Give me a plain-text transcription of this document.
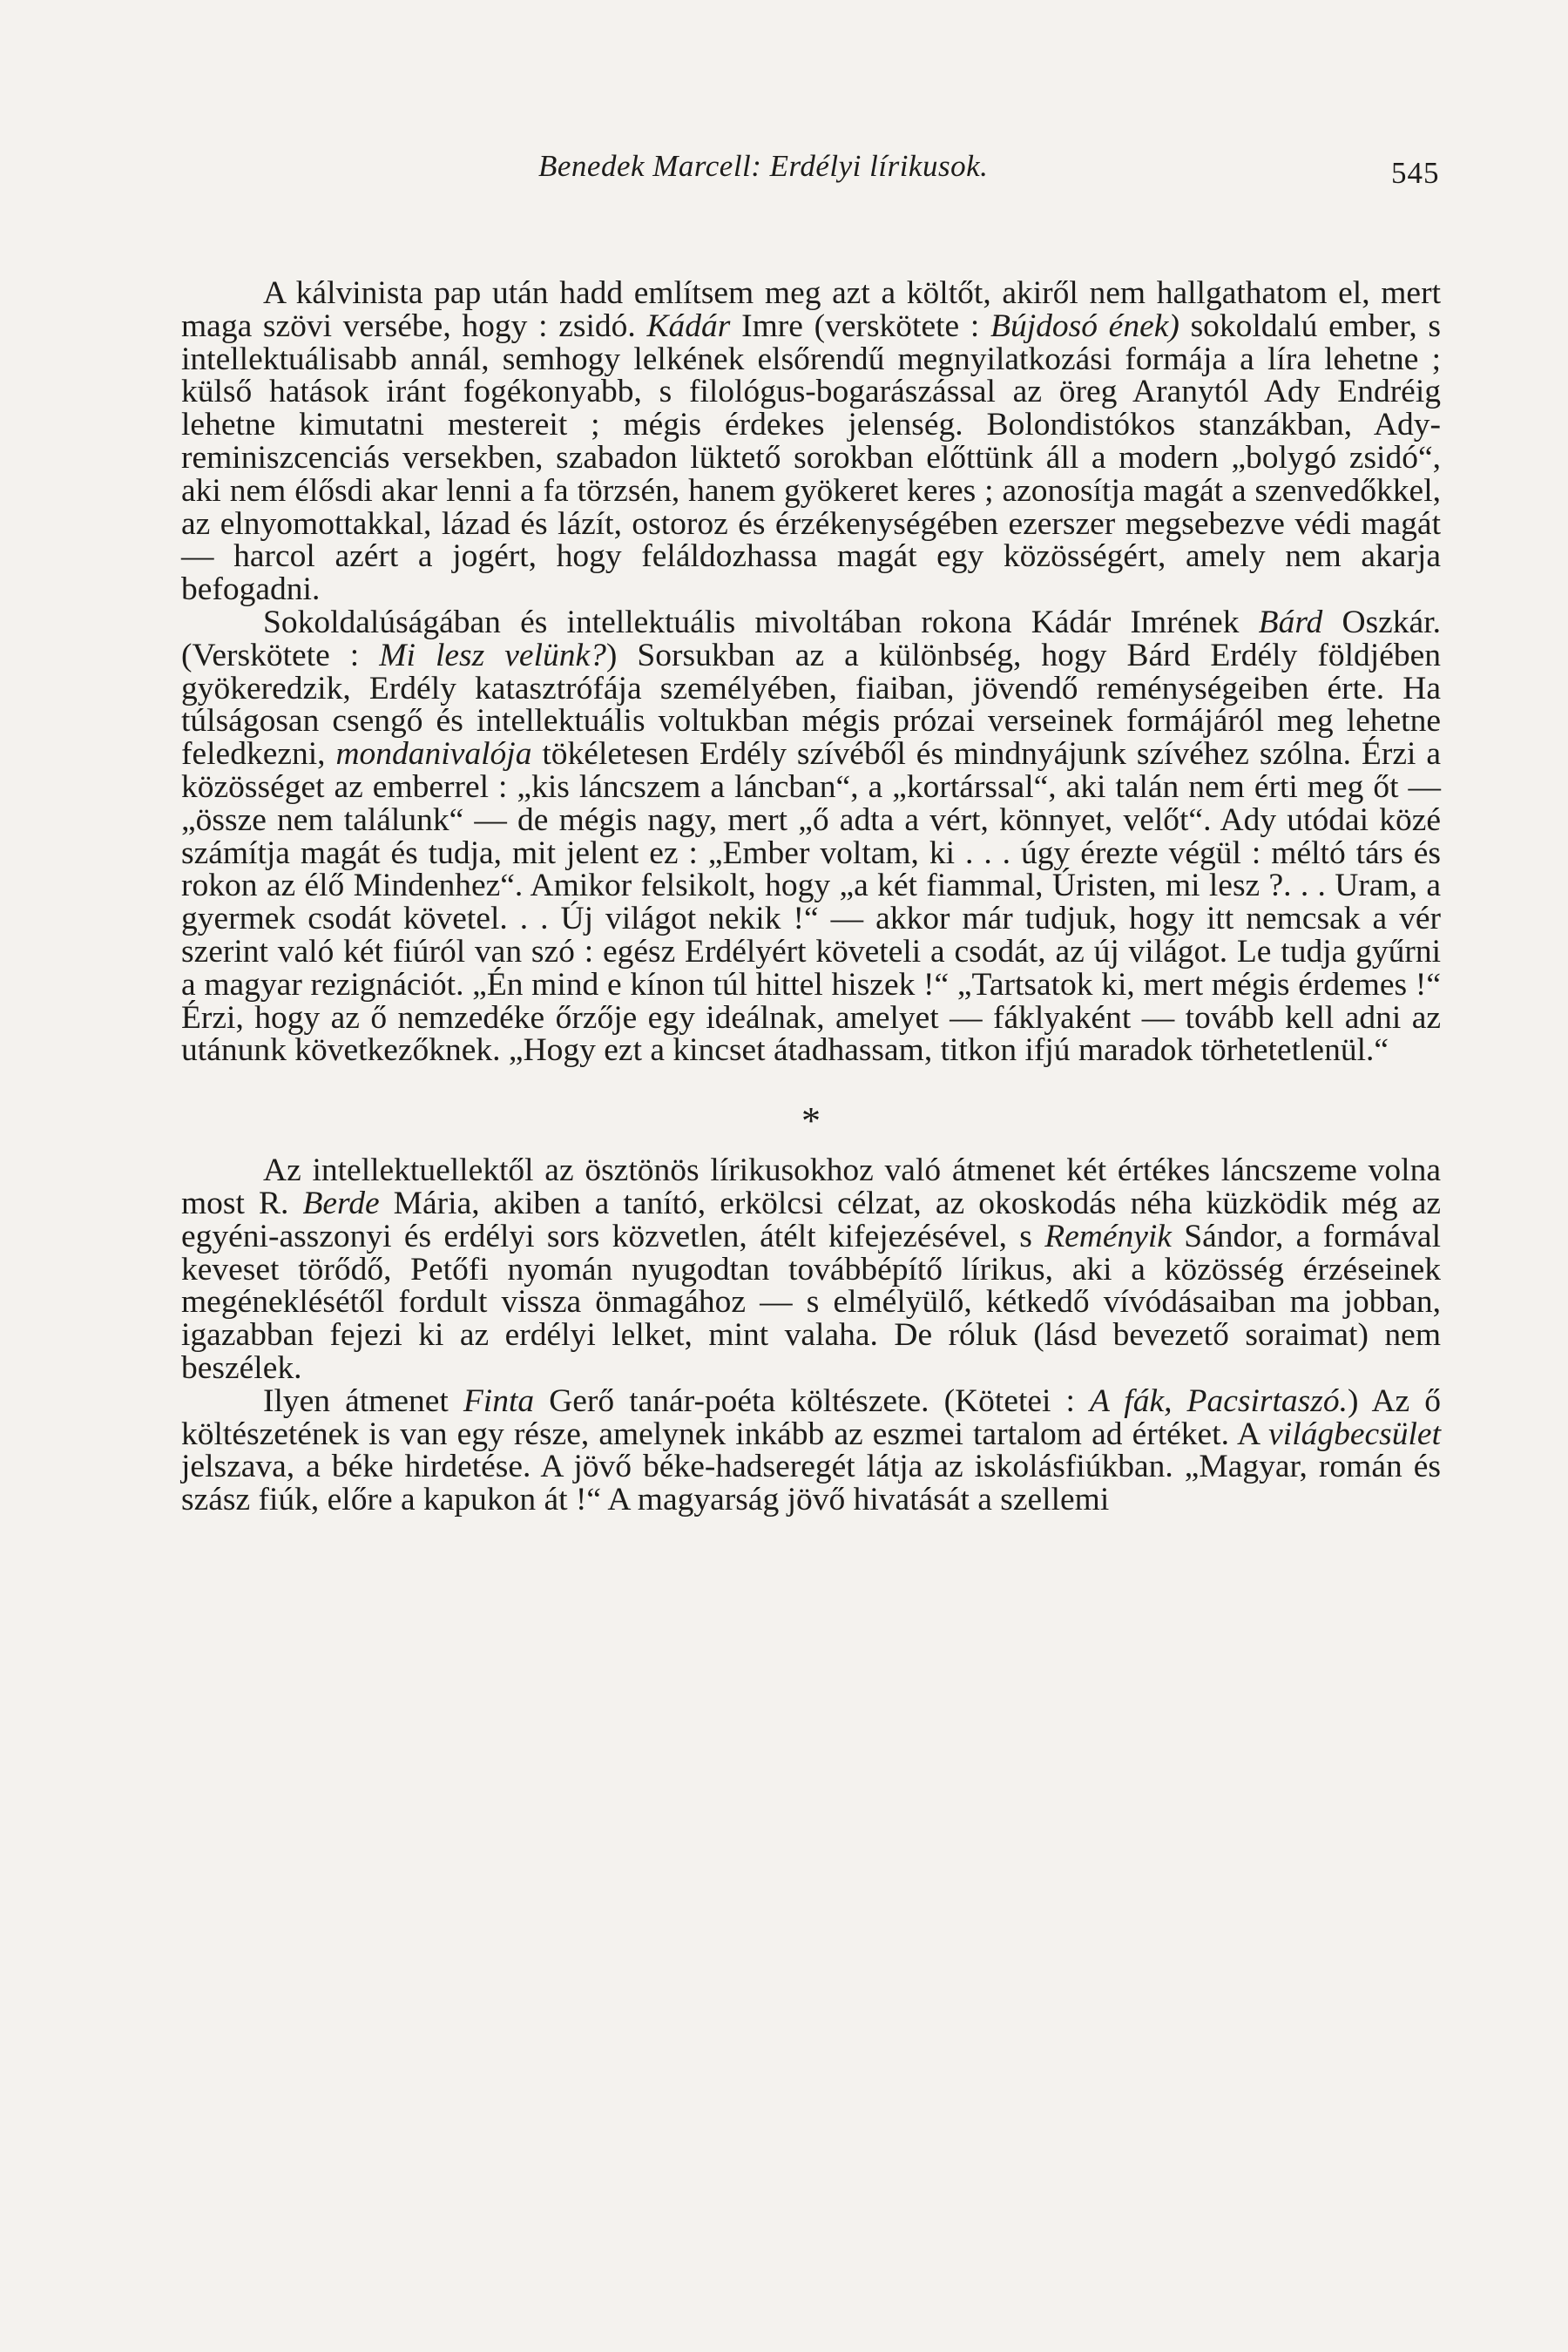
Benedek Marcell: Erdélyi lírikusok.	545

A kálvinista pap után hadd említsem meg azt a költőt, akiről nem hallgathatom el, mert maga szövi versébe, hogy : zsidó. Kádár Imre (verskötete : Bújdosó ének) sokoldalú ember, s intellektuálisabb annál, semhogy lelkének elsőrendű megnyilatkozási formája a líra lehetne ; külső hatások iránt fogékonyabb, s filológus-bogarászással az öreg Aranytól Ady Endréig lehetne kimutatni mestereit ; mégis érdekes jelenség. Bolondistókos stanzákban, Ady-reminiszcenciás versekben, szabadon lüktető sorokban előttünk áll a modern „bolygó zsidó“, aki nem élősdi akar lenni a fa törzsén, hanem gyökeret keres ; azonosítja magát a szenvedőkkel, az elnyomottakkal, lázad és lázít, ostoroz és érzékenységében ezerszer megsebezve védi magát — harcol azért a jogért, hogy feláldozhassa magát egy közösségért, amely nem akarja befogadni.

Sokoldalúságában és intellektuális mivoltában rokona Kádár Imrének Bárd Oszkár. (Verskötete : Mi lesz velünk?) Sorsukban az a különbség, hogy Bárd Erdély földjében gyökeredzik, Erdély katasztrófája személyében, fiaiban, jövendő reménységeiben érte. Ha túlságosan csengő és intellektuális voltukban mégis prózai verseinek formájáról meg lehetne feledkezni, mondanivalója tökéletesen Erdély szívéből és mindnyájunk szívéhez szólna. Érzi a közösséget az emberrel : „kis láncszem a láncban“, a „kortárssal“, aki talán nem érti meg őt — „össze nem találunk“ — de mégis nagy, mert „ő adta a vért, könnyet, velőt“. Ady utódai közé számítja magát és tudja, mit jelent ez : „Ember voltam, ki . . . úgy érezte végül : méltó társ és rokon az élő Mindenhez“. Amikor felsikolt, hogy „a két fiammal, Úristen, mi lesz ?. . . Uram, a gyermek csodát követel. . . Új világot nekik !“ — akkor már tudjuk, hogy itt nemcsak a vér szerint való két fiúról van szó : egész Erdélyért követeli a csodát, az új világot. Le tudja gyűrni a magyar rezignációt. „Én mind e kínon túl hittel hiszek !“ „Tartsatok ki, mert mégis érdemes !“ Érzi, hogy az ő nemzedéke őrzője egy ideálnak, amelyet — fáklyaként — tovább kell adni az utánunk következőknek. „Hogy ezt a kincset átadhassam, titkon ifjú maradok törhetetlenül.“

*

Az intellektuellektől az ösztönös lírikusokhoz való átmenet két értékes láncszeme volna most R. Berde Mária, akiben a tanító, erkölcsi célzat, az okoskodás néha küzködik még az egyéni-asszonyi és erdélyi sors közvetlen, átélt kifejezésével, s Reményik Sándor, a formával keveset törődő, Petőfi nyomán nyugodtan továbbépítő lírikus, aki a közösség érzéseinek megéneklésétől fordult vissza önmagához — s elmélyülő, kétkedő vívódásaiban ma jobban, igazabban fejezi ki az erdélyi lelket, mint valaha. De róluk (lásd bevezető soraimat) nem beszélek.

Ilyen átmenet Finta Gerő tanár-poéta költészete. (Kötetei : A fák, Pacsirtaszó.) Az ő költészetének is van egy része, amelynek inkább az eszmei tartalom ad értéket. A világbecsület jelszava, a béke hirdetése. A jövő béke-hadseregét látja az iskolásfiúkban. „Magyar, román és szász fiúk, előre a kapukon át !“ A magyarság jövő hivatását a szellemi
